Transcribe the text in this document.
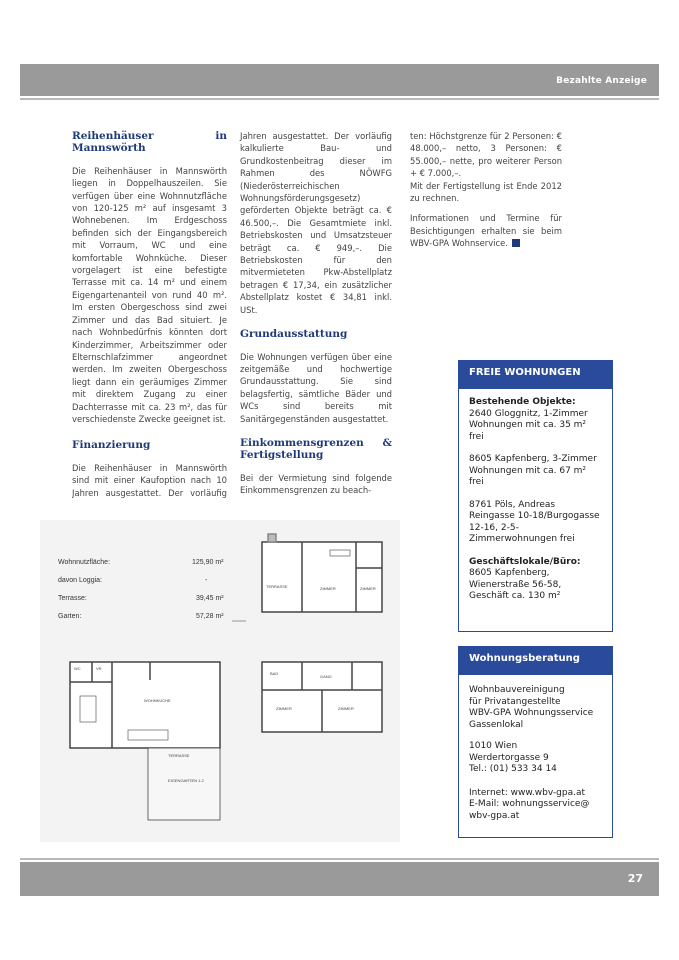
Bezahlte Anzeige
Reihenhäuser in Mannswörth

Die Reihenhäuser in Mannswörth liegen in Doppelhauszeilen. Sie verfügen über eine Wohnnutzfläche von 120-125 m² auf insgesamt 3 Wohnebenen. Im Erdgeschoss befinden sich der Eingangsbereich mit Vorraum, WC und eine komfortable Wohnküche. Dieser vorgelagert ist eine befestigte Terrasse mit ca. 14 m² und einem Eigengartenanteil von rund 40 m². Im ersten Obergeschoss sind zwei Zimmer und das Bad situiert. Je nach Wohnbedürfnis könnten dort Kinderzimmer, Arbeitszimmer oder Elternschlafzimmer angeordnet werden. Im zweiten Obergeschoss liegt dann ein geräumiges Zimmer mit direktem Zugang zu einer Dachterrasse mit ca. 23 m², das für verschiedenste Zwecke geeignet ist.

Finanzierung

Die Reihenhäuser in Mannswörth sind mit einer Kaufoption nach 10 Jahren ausgestattet. Der vorläufig

Jahren ausgestattet. Der vorläufig kalkulierte Bau- und Grundkostenbeitrag dieser im Rahmen des NÖWFG (Niederösterreichischen Wohnungsförderungsgesetz) geförderten Objekte beträgt ca. € 46.500,–. Die Gesamtmiete inkl. Betriebskosten und Umsatzsteuer beträgt ca. € 949,–. Die Betriebskosten für den mitvermieteten Pkw-Abstellplatz betragen € 17,34, ein zusätzlicher Abstellplatz kostet € 34,81 inkl. USt.

Grundausstattung

Die Wohnungen verfügen über eine zeitgemäße und hochwertige Grundausstattung. Sie sind belagsfertig, sämtliche Bäder und WCs sind bereits mit Sanitärgegenständen ausgestattet.

Einkommensgrenzen & Fertigstellung

Bei der Vermietung sind folgende Einkommensgrenzen zu beach-

ten: Höchstgrenze für 2 Personen: € 48.000,– netto, 3 Personen: € 55.000,– nette, pro weiterer Person + € 7.000,–.

Mit der Fertigstellung ist Ende 2012 zu rechnen.

Informationen und Termine für Besichtigungen erhalten sie beim WBV-GPA Wohnservice.

FREIE WOHNUNGEN
Bestehende Objekte:

2640 Gloggnitz, 1-Zimmer Wohnungen mit ca. 35 m² frei

8605 Kapfenberg, 3-Zimmer Wohnungen mit ca. 67 m² frei

8761 Pöls, Andreas Reingasse 10-18/Burgogasse 12-16, 2-5-Zimmerwohnungen frei

Geschäftslokale/Büro:

8605 Kapfenberg, Wienerstraße 56-58, Geschäft ca. 130 m²

Wohnungsberatung
Wohnbauvereinigung
für Privatangestellte
WBV-GPA Wohnungsservice
Gassenlokal
1010 Wien
Werdertorgasse 9
Tel.: (01) 533 34 14
Internet: www.wbv-gpa.at
E-Mail: wohnungsservice@ wbv-gpa.at
Wohnnutzfläche:	125,90 m²
davon Loggia:	-
Terrasse:	39,45 m²
Garten:	57,28 m²
TERRASSE	ZIMMER	ZIMMER
WC	VR
WOHNKÜCHE
TERRASSE
EIGENGARTEN 1.2
BAD
GANG
ZIMMER	ZIMMER
27
